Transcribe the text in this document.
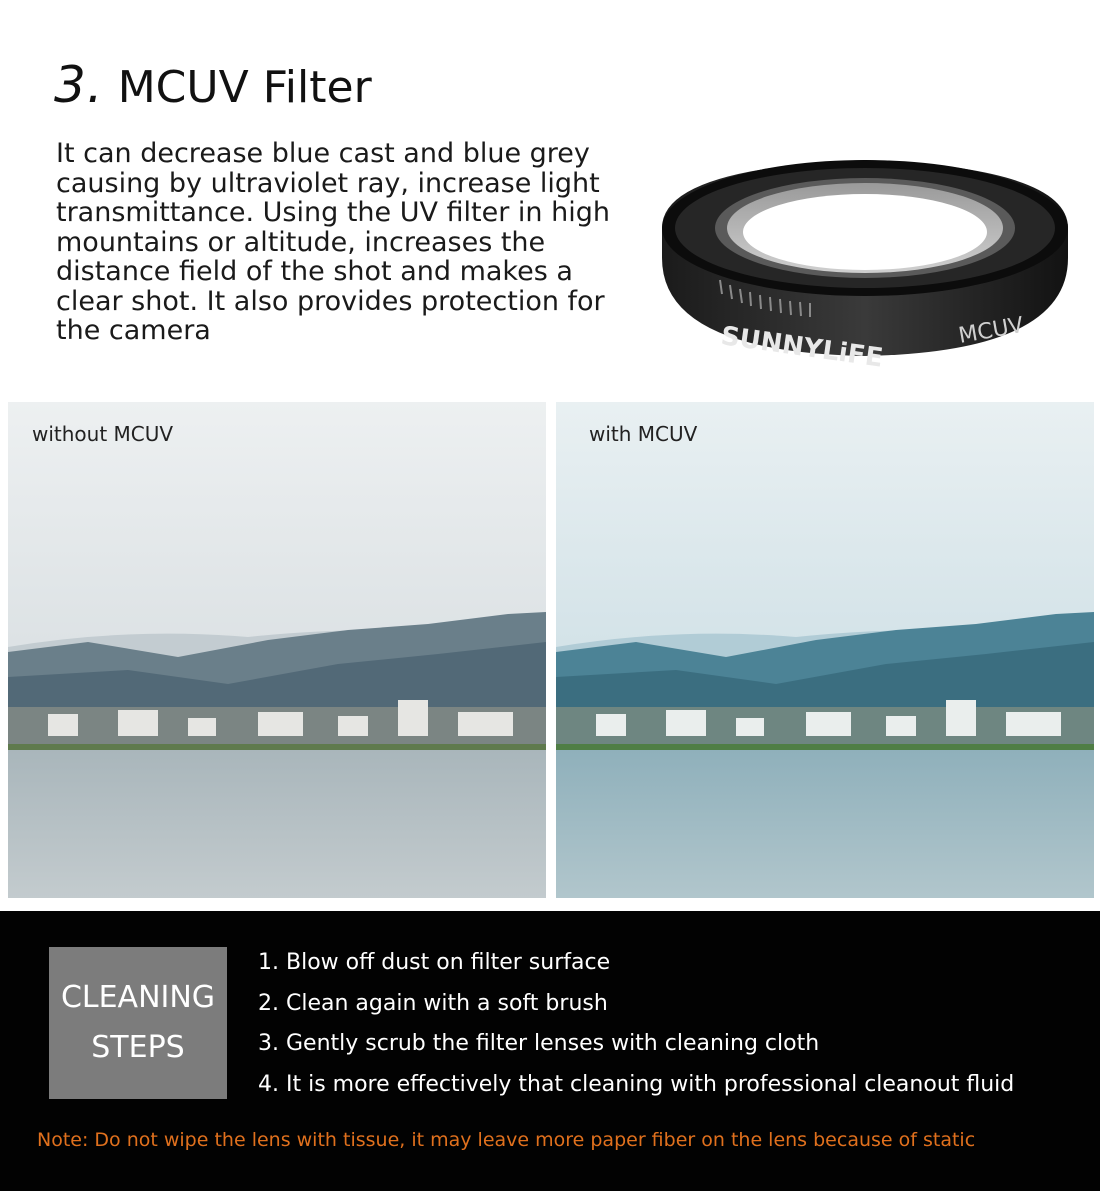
3. MCUV Filter

It can decrease blue cast and blue grey causing by ultraviolet ray, increase light transmittance. Using the UV filter in high mountains or altitude, increases the distance field of the shot and makes a clear shot. It also provides protection for the camera	SUNNYLiFE	MCUV
without MCUV	with MCUV
CLEANING
STEPS
1. Blow off dust on filter surface
2. Clean again with a soft brush
3. Gently scrub the filter lenses with cleaning cloth
4. It is more effectively that cleaning with professional cleanout fluid

Note: Do not wipe the lens with tissue, it may leave more paper fiber on the lens because of static
